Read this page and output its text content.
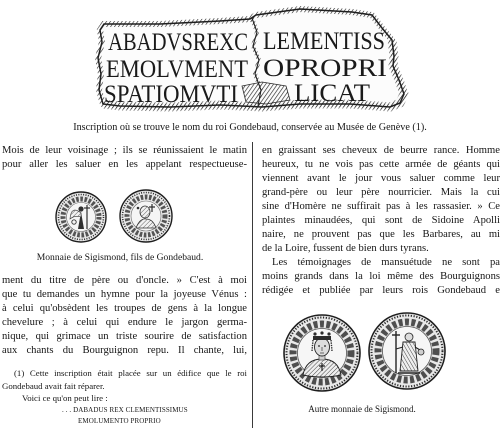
ABADVSREXC LEMENTISS
EMOLVMENT OPROPRI
SPATIOMVTI LICAT
Inscription où se trouve le nom du roi Gondebaud, conservée au Musée de Genève (1).
Mois de leur voisinage ; ils se réunissaient le matin
pour aller les saluer en les appelant respectueuse-
Monnaie de Sigismond, fils de Gondebaud.
ment du titre de père ou d'oncle. » C'est à moi
que tu demandes un hymne pour la joyeuse Vénus :
à celui qu'obsèdent les troupes de gens à la longue
chevelure ; à celui qui endure le jargon germa-
nique, qui grimace un triste sourire de satisfaction
aux chants du Bourguignon repu. Il chante, lui,
(1) Cette inscription était placée sur un édifice que le roi
Gondebaud avait fait réparer.
Voici ce qu'on peut lire :
. . . DABADUS REX CLEMENTISSIMUS
EMOLUMENTO PROPRIO
en graissant ses cheveux de beurre rance. Homme
heureux, tu ne vois pas cette armée de géants qui
viennent avant le jour vous saluer comme leur
grand-père ou leur père nourricier. Mais la cui
sine d'Homère ne suffirait pas à les rassasier. » Ce
plaintes minaudées, qui sont de Sidoine Apolli
naire, ne prouvent pas que les Barbares, au mi
de la Loire, fussent de bien durs tyrans.
Les témoignages de mansuétude ne sont pa
moins grands dans la loi même des Bourguignons
rédigée et publiée par leurs rois Gondebaud e
Autre monnaie de Sigismond.
